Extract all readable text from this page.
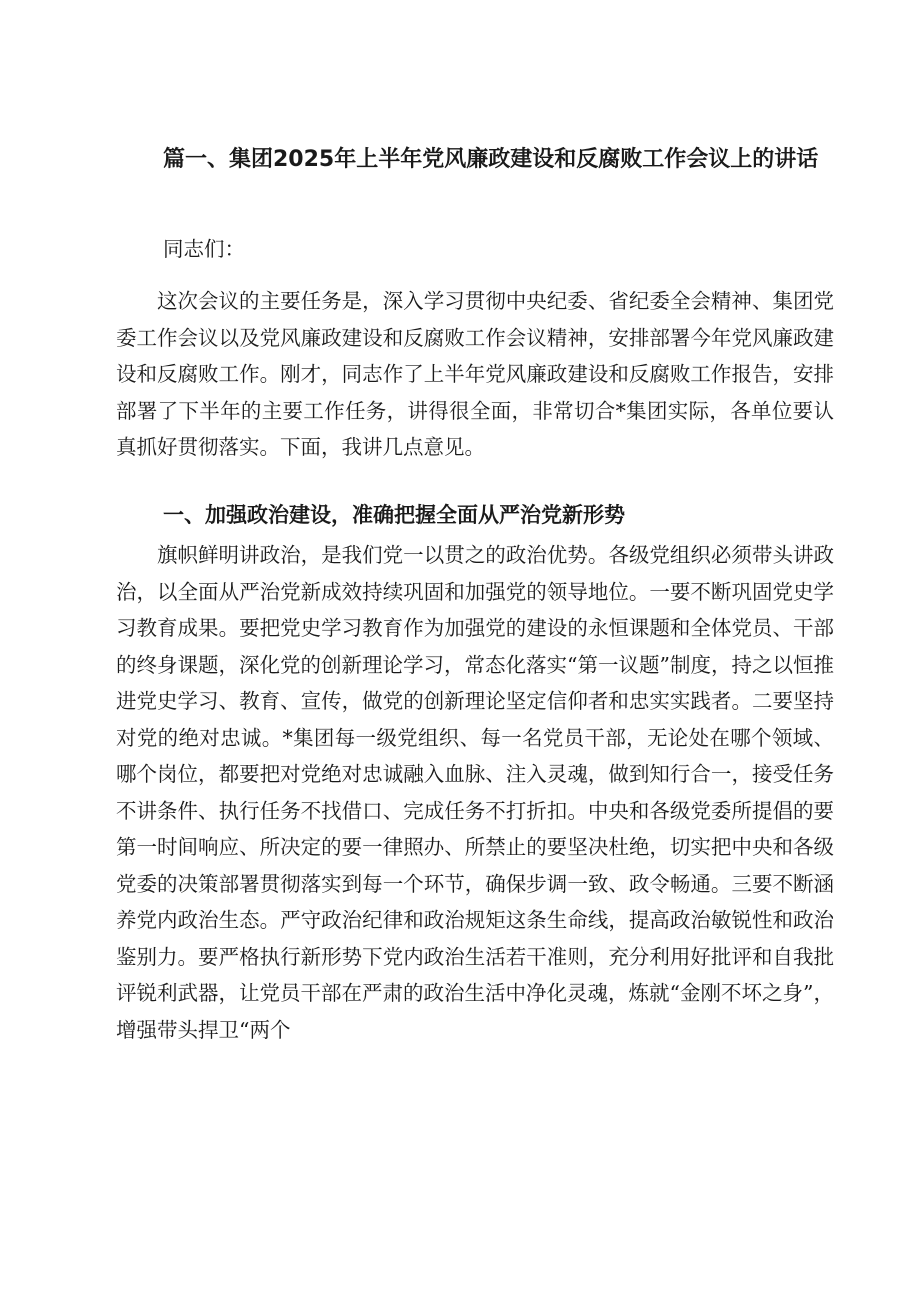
篇一、集团2025年上半年党风廉政建设和反腐败工作会议上的讲话

同志们：

这次会议的主要任务是，深入学习贯彻中央纪委、省纪委全会精神、集团党委工作会议以及党风廉政建设和反腐败工作会议精神，安排部署今年党风廉政建设和反腐败工作。刚才，同志作了上半年党风廉政建设和反腐败工作报告，安排部署了下半年的主要工作任务，讲得很全面，非常切合*集团实际，各单位要认真抓好贯彻落实。下面，我讲几点意见。

一、加强政治建设，准确把握全面从严治党新形势

旗帜鲜明讲政治，是我们党一以贯之的政治优势。各级党组织必须带头讲政治，以全面从严治党新成效持续巩固和加强党的领导地位。一要不断巩固党史学习教育成果。要把党史学习教育作为加强党的建设的永恒课题和全体党员、干部的终身课题，深化党的创新理论学习，常态化落实“第一议题”制度，持之以恒推进党史学习、教育、宣传，做党的创新理论坚定信仰者和忠实实践者。二要坚持对党的绝对忠诚。*集团每一级党组织、每一名党员干部，无论处在哪个领域、哪个岗位，都要把对党绝对忠诚融入血脉、注入灵魂，做到知行合一，接受任务不讲条件、执行任务不找借口、完成任务不打折扣。中央和各级党委所提倡的要第一时间响应、所决定的要一律照办、所禁止的要坚决杜绝，切实把中央和各级党委的决策部署贯彻落实到每一个环节，确保步调一致、政令畅通。三要不断涵养党内政治生态。严守政治纪律和政治规矩这条生命线，提高政治敏锐性和政治鉴别力。要严格执行新形势下党内政治生活若干准则，充分利用好批评和自我批评锐利武器，让党员干部在严肃的政治生活中净化灵魂，炼就“金刚不坏之身”，增强带头捍卫“两个
